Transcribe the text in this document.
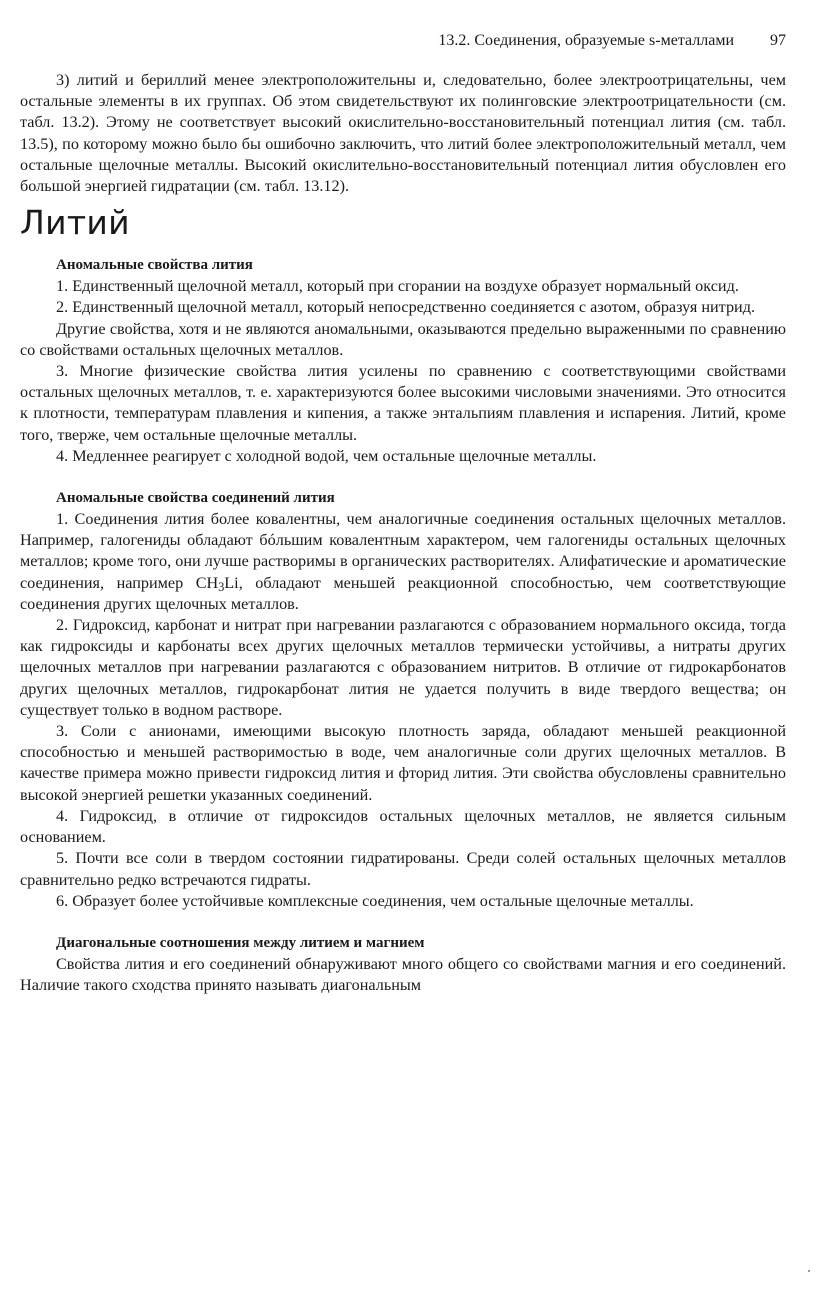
13.2. Соединения, образуемые s-металлами 97

3) литий и бериллий менее электроположительны и, следовательно, более электроотрицательны, чем остальные элементы в их группах. Об этом свидетельствуют их полинговские электроотрицательности (см. табл. 13.2). Этому не соответствует высокий окислительно-восстановительный потенциал лития (см. табл. 13.5), по которому можно было бы ошибочно заключить, что литий более электроположительный металл, чем остальные щелочные металлы. Высокий окислительно-восстановительный потенциал лития обусловлен его большой энергией гидратации (см. табл. 13.12).

Литий
Аномальные свойства лития

1. Единственный щелочной металл, который при сгорании на воздухе образует нормальный оксид.

2. Единственный щелочной металл, который непосредственно соединяется с азотом, образуя нитрид.

Другие свойства, хотя и не являются аномальными, оказываются предельно выраженными по сравнению со свойствами остальных щелочных металлов.

3. Многие физические свойства лития усилены по сравнению с соответствующими свойствами остальных щелочных металлов, т. е. характеризуются более высокими числовыми значениями. Это относится к плотности, температурам плавления и кипения, а также энтальпиям плавления и испарения. Литий, кроме того, тверже, чем остальные щелочные металлы.

4. Медленнее реагирует с холодной водой, чем остальные щелочные металлы.

Аномальные свойства соединений лития

1. Соединения лития более ковалентны, чем аналогичные соединения остальных щелочных металлов. Например, галогениды обладают бóльшим ковалентным характером, чем галогениды остальных щелочных металлов; кроме того, они лучше растворимы в органических растворителях. Алифатические и ароматические соединения, например $CH_3Li$, обладают меньшей реакционной способностью, чем соответствующие соединения других щелочных металлов.

2. Гидроксид, карбонат и нитрат при нагревании разлагаются с образованием нормального оксида, тогда как гидроксиды и карбонаты всех других щелочных металлов термически устойчивы, а нитраты других щелочных металлов при нагревании разлагаются с образованием нитритов. В отличие от гидрокарбонатов других щелочных металлов, гидрокарбонат лития не удается получить в виде твердого вещества; он существует только в водном растворе.

3. Соли с анионами, имеющими высокую плотность заряда, обладают меньшей реакционной способностью и меньшей растворимостью в воде, чем аналогичные соли других щелочных металлов. В качестве примера можно привести гидроксид лития и фторид лития. Эти свойства обусловлены сравнительно высокой энергией решетки указанных соединений.

4. Гидроксид, в отличие от гидроксидов остальных щелочных металлов, не является сильным основанием.

5. Почти все соли в твердом состоянии гидратированы. Среди солей остальных щелочных металлов сравнительно редко встречаются гидраты.

6. Образует более устойчивые комплексные соединения, чем остальные щелочные металлы.

Диагональные соотношения между литием и магнием

Свойства лития и его соединений обнаруживают много общего со свойствами магния и его соединений. Наличие такого сходства принято называть диагональным
